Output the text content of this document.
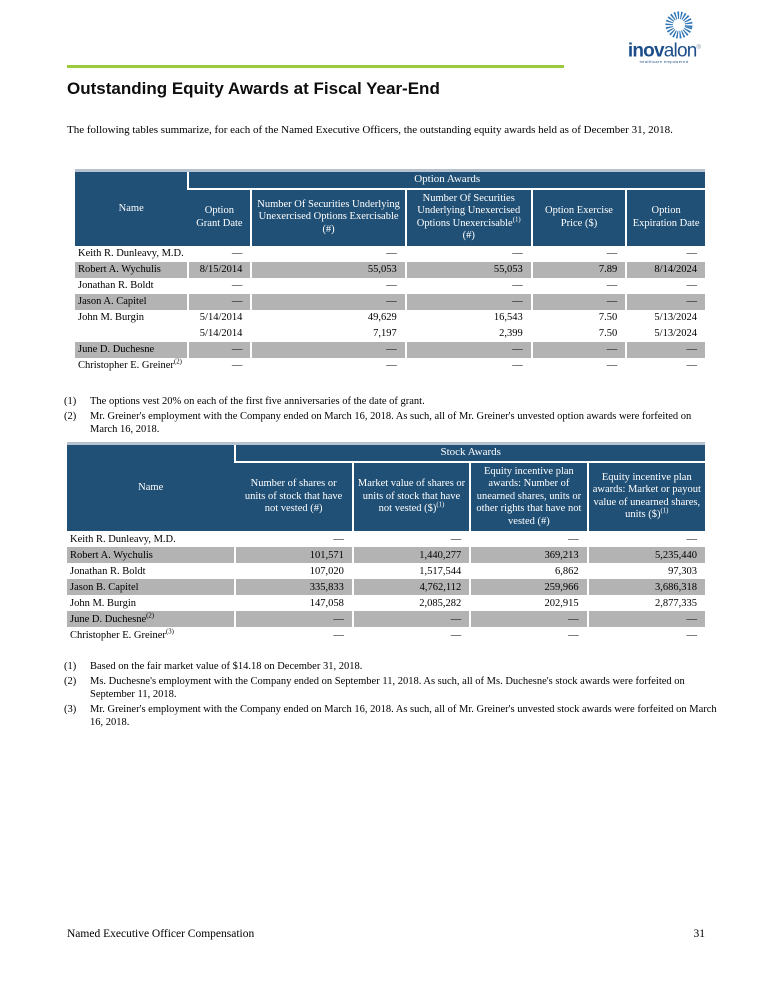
inovalon®
healthcare empowered
Outstanding Equity Awards at Fiscal Year-End

The following tables summarize, for each of the Named Executive Officers, the outstanding equity awards held as of December 31, 2018.

Name	Option Awards				
	Option Grant Date	Number Of Securities Underlying Unexercised Options Exercisable (#)	Number Of Securities Underlying Unexercised Options Unexercisable$^{(1)}$ (#)	Option Exercise Price ($)	Option Expiration Date
Keith R. Dunleavy, M.D.	—	—	—	—	—
Robert A. Wychulis	8/15/2014	55,053	55,053	7.89	8/14/2024
Jonathan R. Boldt	—	—	—	—	—
Jason A. Capitel	—	—	—	—	—
John M. Burgin	5/14/2014	49,629	16,543	7.50	5/13/2024
	5/14/2014	7,197	2,399	7.50	5/13/2024
June D. Duchesne	—	—	—	—	—
Christopher E. Greiner$^{(2)}$	—	—	—	—	—
(1)	The options vest 20% on each of the first five anniversaries of the date of grant.
(2)	Mr. Greiner's employment with the Company ended on March 16, 2018. As such, all of Mr. Greiner's unvested option awards were forfeited on March 16, 2018.
Name	Stock Awards			
	Number of shares or units of stock that have not vested (#)	Market value of shares or units of stock that have not vested ($)$^{(1)}$	Equity incentive plan awards: Number of unearned shares, units or other rights that have not vested (#)	Equity incentive plan awards: Market or payout value of unearned shares, units ($)$^{(1)}$
Keith R. Dunleavy, M.D.	—	—	—	—
Robert A. Wychulis	101,571	1,440,277	369,213	5,235,440
Jonathan R. Boldt	107,020	1,517,544	6,862	97,303
Jason B. Capitel	335,833	4,762,112	259,966	3,686,318
John M. Burgin	147,058	2,085,282	202,915	2,877,335
June D. Duchesne$^{(2)}$	—	—	—	—
Christopher E. Greiner$^{(3)}$	—	—	—	—
(1)	Based on the fair market value of $14.18 on December 31, 2018.
(2)	Ms. Duchesne's employment with the Company ended on September 11, 2018. As such, all of Ms. Duchesne's stock awards were forfeited on September 11, 2018.
(3)	Mr. Greiner's employment with the Company ended on March 16, 2018. As such, all of Mr. Greiner's unvested stock awards were forfeited on March 16, 2018.
Named Executive Officer Compensation	31
